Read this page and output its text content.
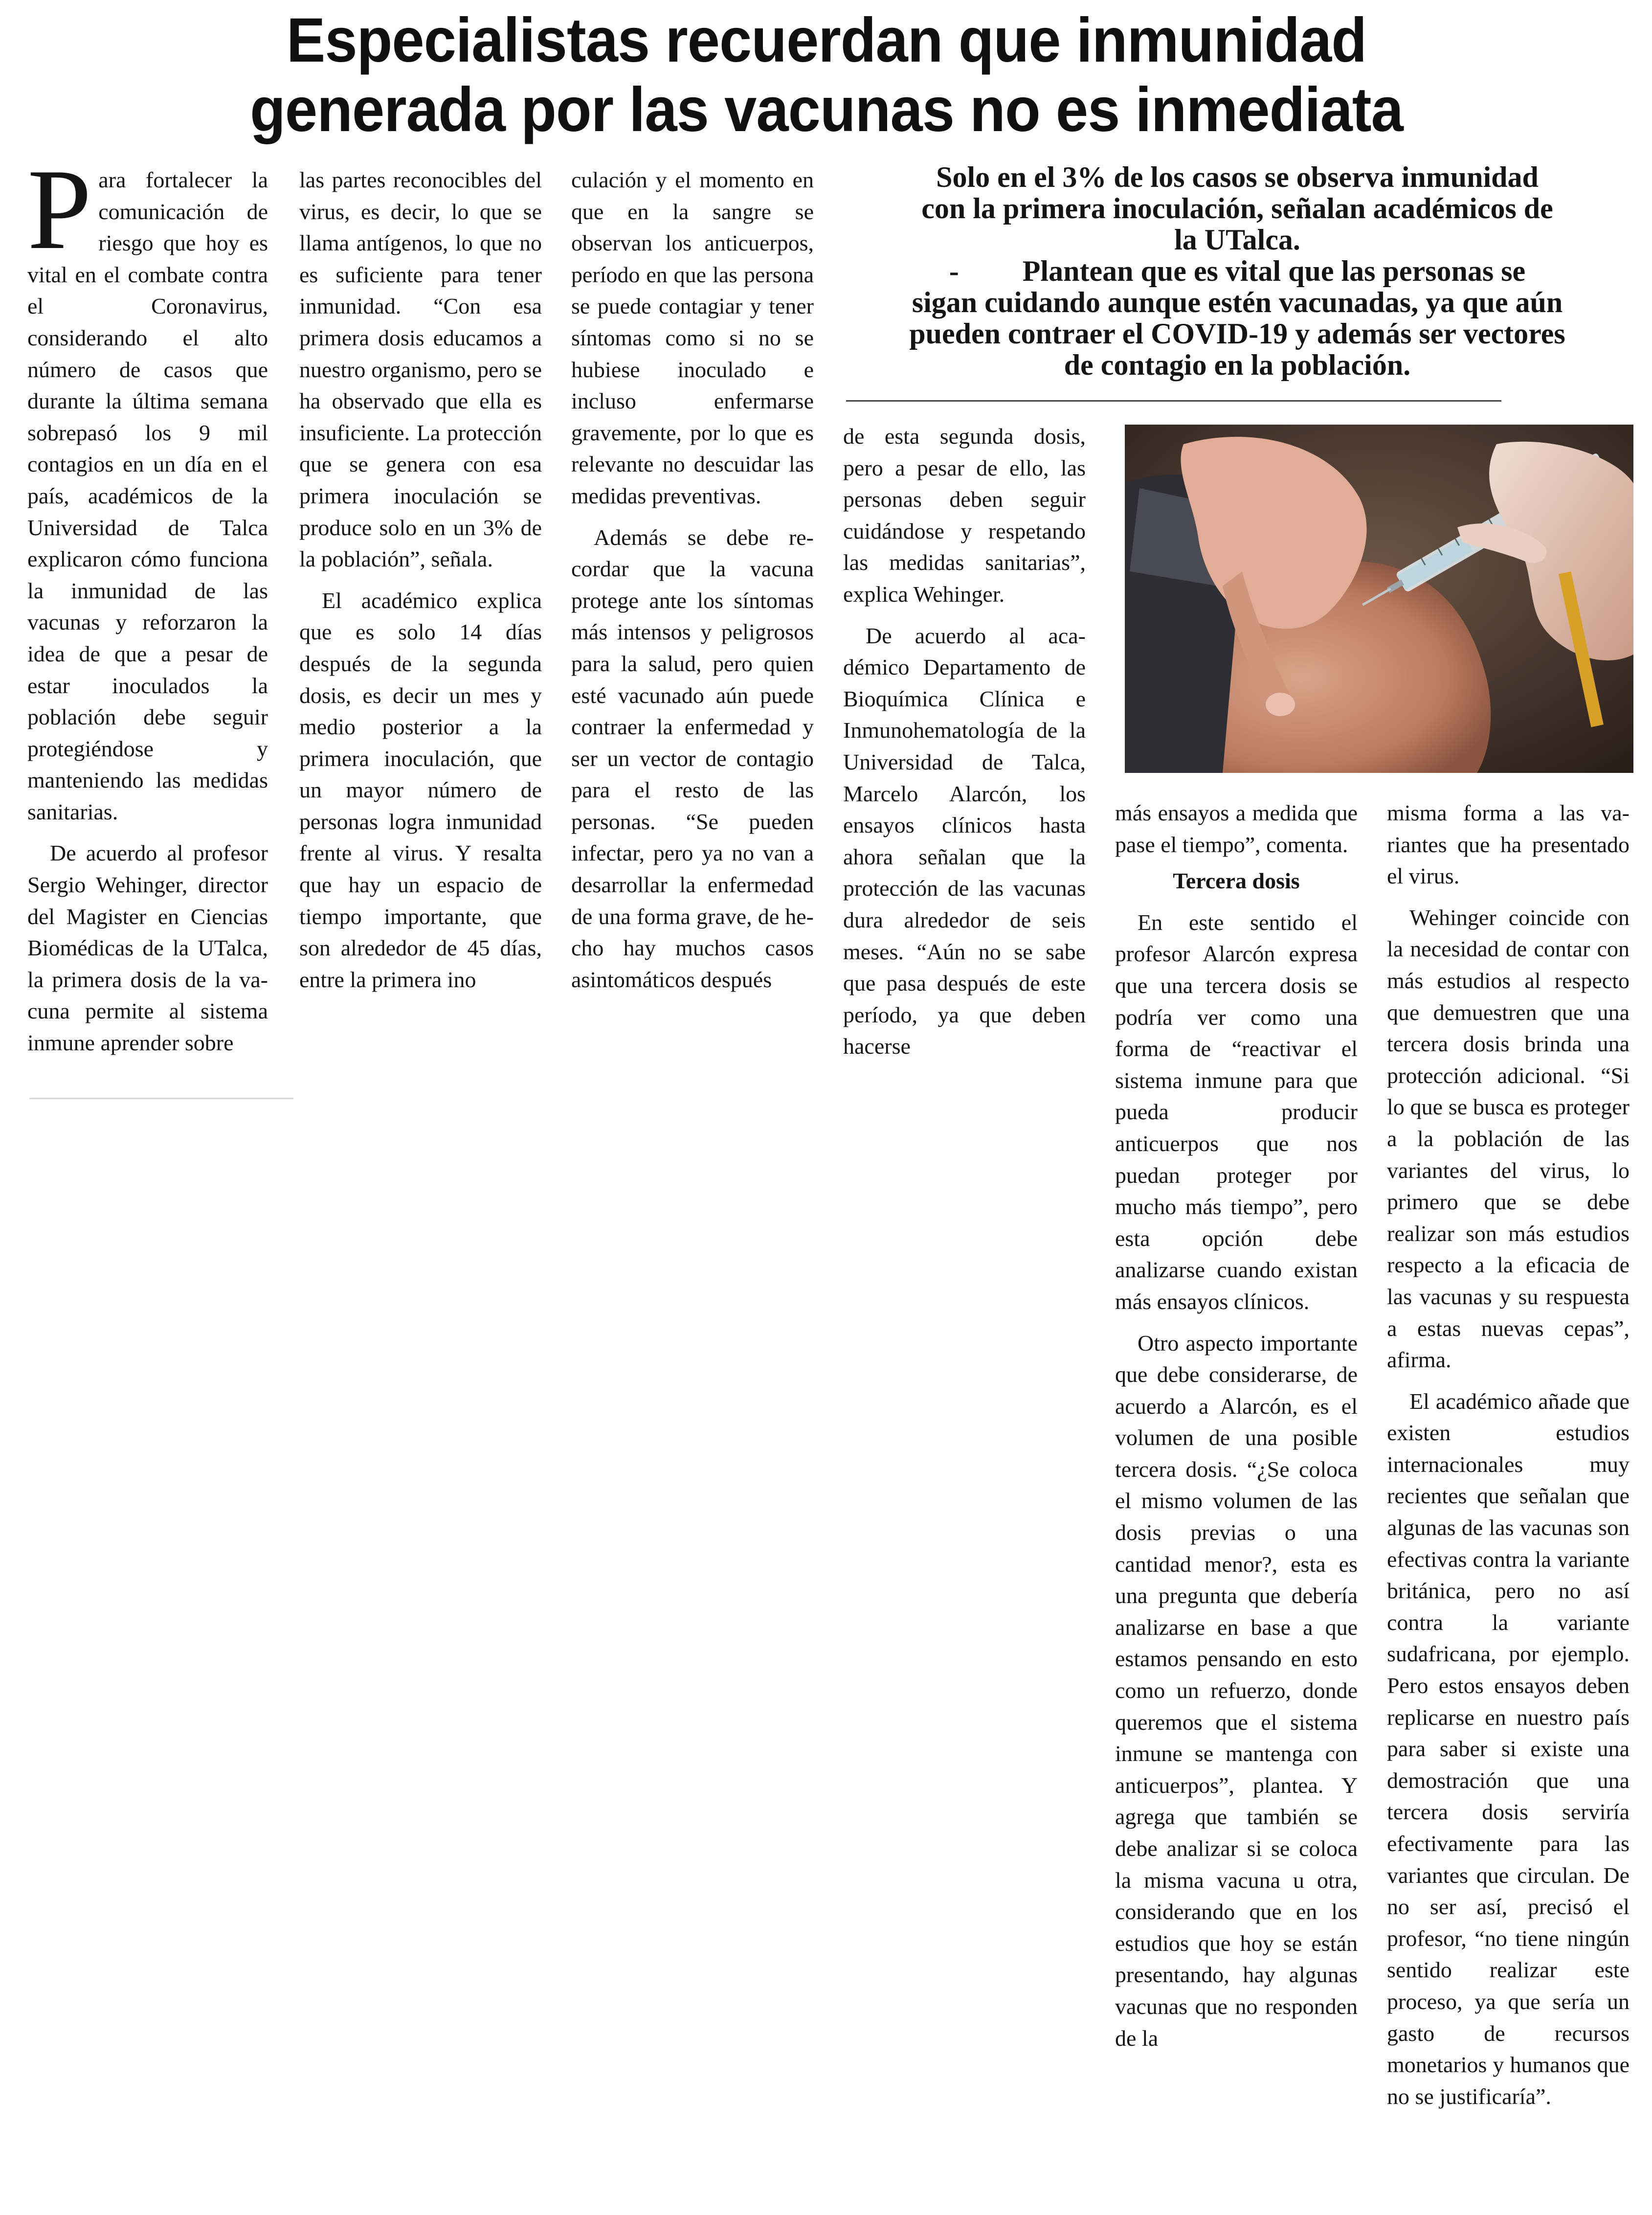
Especialistas recuerdan que inmunidad
generada por las vacunas no es inmediata

P ara fortalecer la comunicación de riesgo que hoy es vital en el combate contra el Coronavirus, considerando el alto número de casos que durante la última semana sobrepasó los 9 mil contagios en un día en el país, académicos de la Universidad de Talca explicaron cómo funciona la inmunidad de las vacunas y reforzaron la idea de que a pesar de estar inoculados la población debe seguir protegiéndose y manteniendo las medidas sanitarias.

De acuerdo al profesor Sergio Wehinger, director del Magister en Ciencias Biomédicas de la UTalca, la primera dosis de la vacuna permite al sistema inmune aprender sobre

las partes reconocibles del virus, es decir, lo que se llama antígenos, lo que no es suficiente para tener inmunidad. “Con esa primera dosis educamos a nuestro organismo, pero se ha observado que ella es insuficiente. La protección que se genera con esa primera inoculación se produce solo en un 3% de la población”, señala.

El académico explica que es solo 14 días después de la segunda dosis, es decir un mes y medio posterior a la primera inoculación, que un mayor número de personas logra inmunidad frente al virus. Y resalta que hay un espacio de tiempo importante, que son alrededor de 45 días, entre la primera ino

culación y el momento en que en la sangre se observan los anticuerpos, período en que las persona se puede contagiar y tener síntomas como si no se hubiese inoculado e incluso enfermarse gravemente, por lo que es relevante no descuidar las medidas preventivas.

Además se debe recordar que la vacuna protege ante los síntomas más intensos y peligrosos para la salud, pero quien esté vacunado aún puede contraer la enfermedad y ser un vector de contagio para el resto de las personas. “Se pueden infectar, pero ya no van a desarrollar la enfermedad de una forma grave, de hecho hay muchos casos asintomáticos después

Solo en el 3% de los casos se observa inmunidad
con la primera inoculación, señalan académicos de
la UTalca.
- Plantean que es vital que las personas se
sigan cuidando aunque estén vacunadas, ya que aún
pueden contraer el COVID-19 y además ser vectores
de contagio en la población.

de esta segunda dosis, pero a pesar de ello, las personas deben seguir cuidándose y respetando las medidas sanitarias”, explica Wehinger.

De acuerdo al académico Departamento de Bioquímica Clínica e Inmunohematología de la Universidad de Talca, Marcelo Alarcón, los ensayos clínicos hasta ahora señalan que la protección de las vacunas dura alrededor de seis meses. “Aún no se sabe que pasa después de este período, ya que deben hacerse

más ensayos a medida que pase el tiempo”, comenta.

Tercera dosis

En este sentido el profesor Alarcón expresa que una tercera dosis se podría ver como una forma de “reactivar el sistema inmune para que pueda producir anticuerpos que nos puedan proteger por mucho más tiempo”, pero esta opción debe analizarse cuando existan más ensayos clínicos.

Otro aspecto importante que debe considerarse, de acuerdo a Alarcón, es el volumen de una posible tercera dosis. “¿Se coloca el mismo volumen de las dosis previas o una cantidad menor?, esta es una pregunta que debería analizarse en base a que estamos pensando en esto como un refuerzo, donde queremos que el sistema inmune se mantenga con anticuerpos”, plantea. Y agrega que también se debe analizar si se coloca la misma vacuna u otra, considerando que en los estudios que hoy se están presentando, hay algunas vacunas que no responden de la

misma forma a las variantes que ha presentado el virus.

Wehinger coincide con la necesidad de contar con más estudios al respecto que demuestren que una tercera dosis brinda una protección adicional. “Si lo que se busca es proteger a la población de las variantes del virus, lo primero que se debe realizar son más estudios respecto a la eficacia de las vacunas y su respuesta a estas nuevas cepas”, afirma.

El académico añade que existen estudios internacionales muy recientes que señalan que algunas de las vacunas son efectivas contra la variante británica, pero no así contra la variante sudafricana, por ejemplo. Pero estos ensayos deben replicarse en nuestro país para saber si existe una demostración que una tercera dosis serviría efectivamente para las variantes que circulan. De no ser así, precisó el profesor, “no tiene ningún sentido realizar este proceso, ya que sería un gasto de recursos monetarios y humanos que no se justificaría”.
